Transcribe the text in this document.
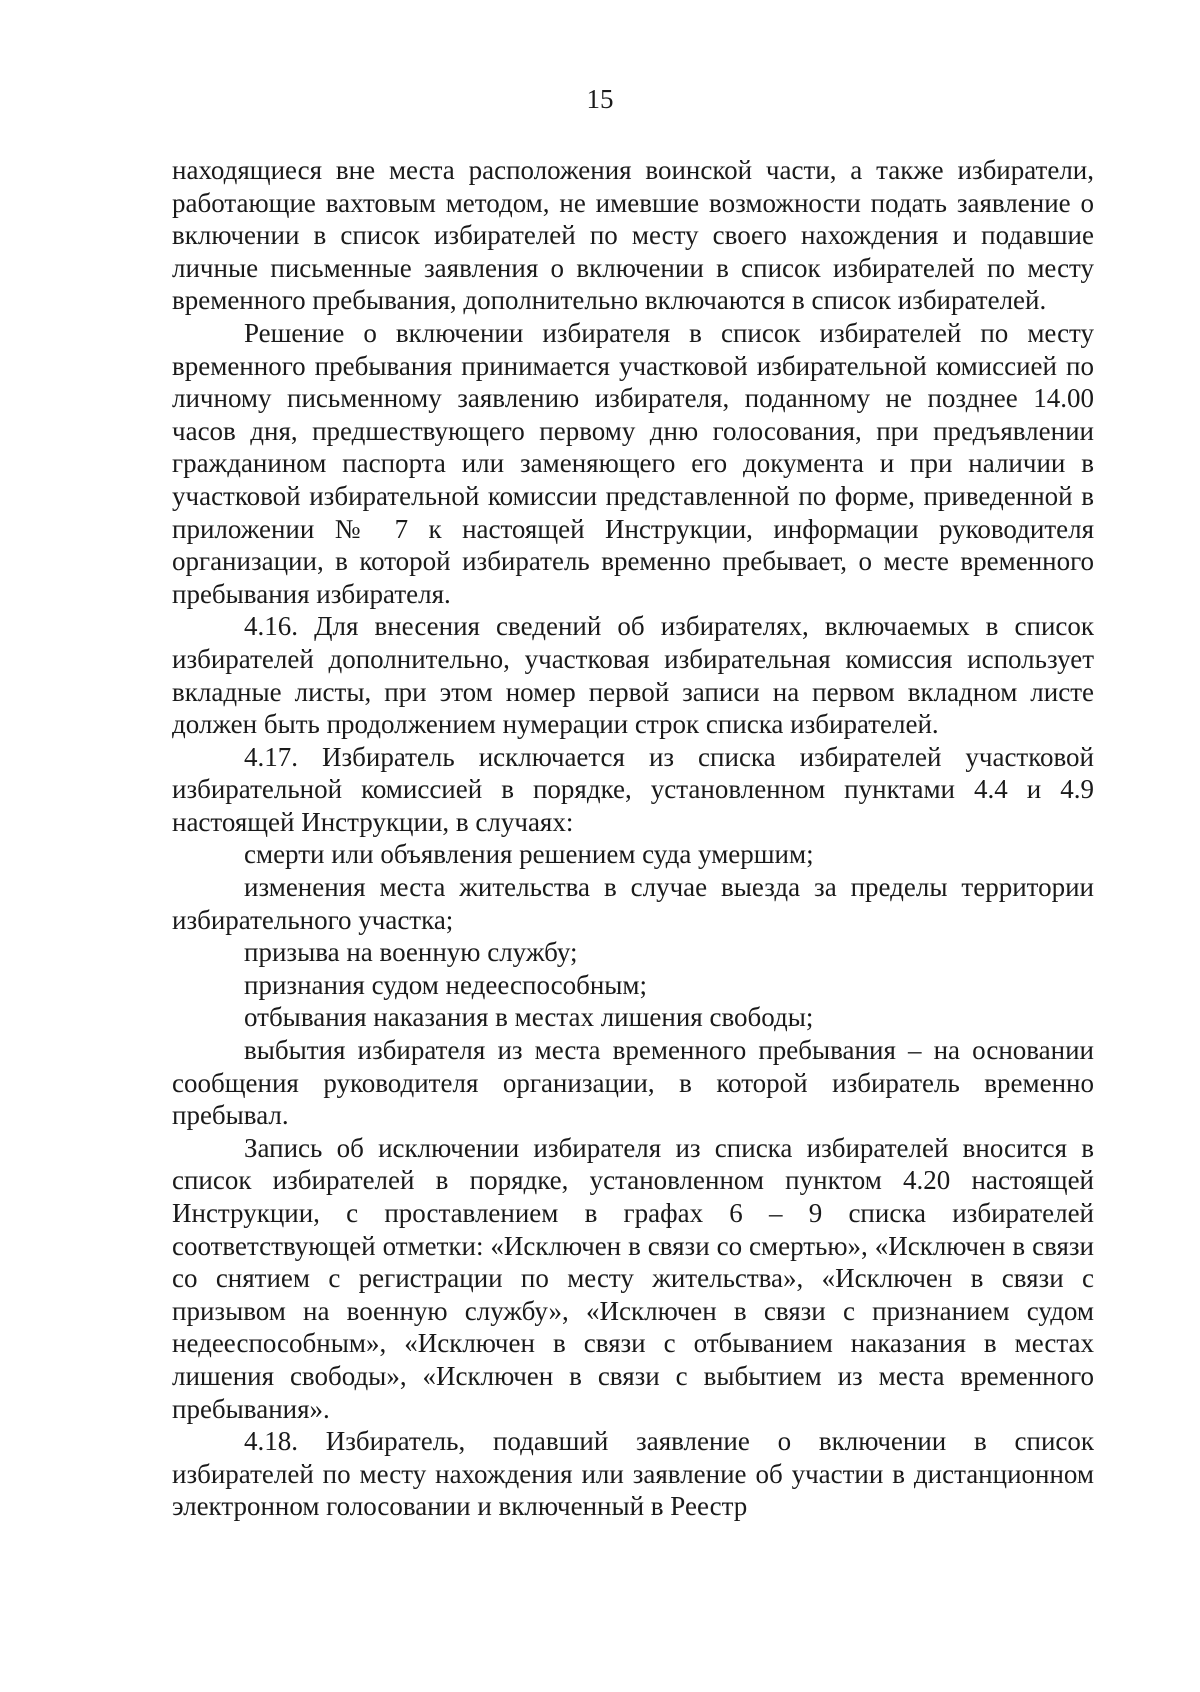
15

находящиеся вне места расположения воинской части, а также избиратели, работающие вахтовым методом, не имевшие возможности подать заявление о включении в список избирателей по месту своего нахождения и подавшие личные письменные заявления о включении в список избирателей по месту временного пребывания, дополнительно включаются в список избирателей.

Решение о включении избирателя в список избирателей по месту временного пребывания принимается участковой избирательной комиссией по личному письменному заявлению избирателя, поданному не позднее 14.00 часов дня, предшествующего первому дню голосования, при предъявлении гражданином паспорта или заменяющего его документа и при наличии в участковой избирательной комиссии представленной по форме, приведенной в приложении № 7 к настоящей Инструкции, информации руководителя организации, в которой избиратель временно пребывает, о месте временного пребывания избирателя.

4.16. Для внесения сведений об избирателях, включаемых в список избирателей дополнительно, участковая избирательная комиссия использует вкладные листы, при этом номер первой записи на первом вкладном листе должен быть продолжением нумерации строк списка избирателей.

4.17. Избиратель исключается из списка избирателей участковой избирательной комиссией в порядке, установленном пунктами 4.4 и 4.9 настоящей Инструкции, в случаях:

смерти или объявления решением суда умершим;

изменения места жительства в случае выезда за пределы территории избирательного участка;

призыва на военную службу;

признания судом недееспособным;

отбывания наказания в местах лишения свободы;

выбытия избирателя из места временного пребывания – на основании сообщения руководителя организации, в которой избиратель временно пребывал.

Запись об исключении избирателя из списка избирателей вносится в список избирателей в порядке, установленном пунктом 4.20 настоящей Инструкции, с проставлением в графах 6 – 9 списка избирателей соответствующей отметки: «Исключен в связи со смертью», «Исключен в связи со снятием с регистрации по месту жительства», «Исключен в связи с призывом на военную службу», «Исключен в связи с признанием судом недееспособным», «Исключен в связи с отбыванием наказания в местах лишения свободы», «Исключен в связи с выбытием из места временного пребывания».

4.18. Избиратель, подавший заявление о включении в список избирателей по месту нахождения или заявление об участии в дистанционном электронном голосовании и включенный в Реестр
